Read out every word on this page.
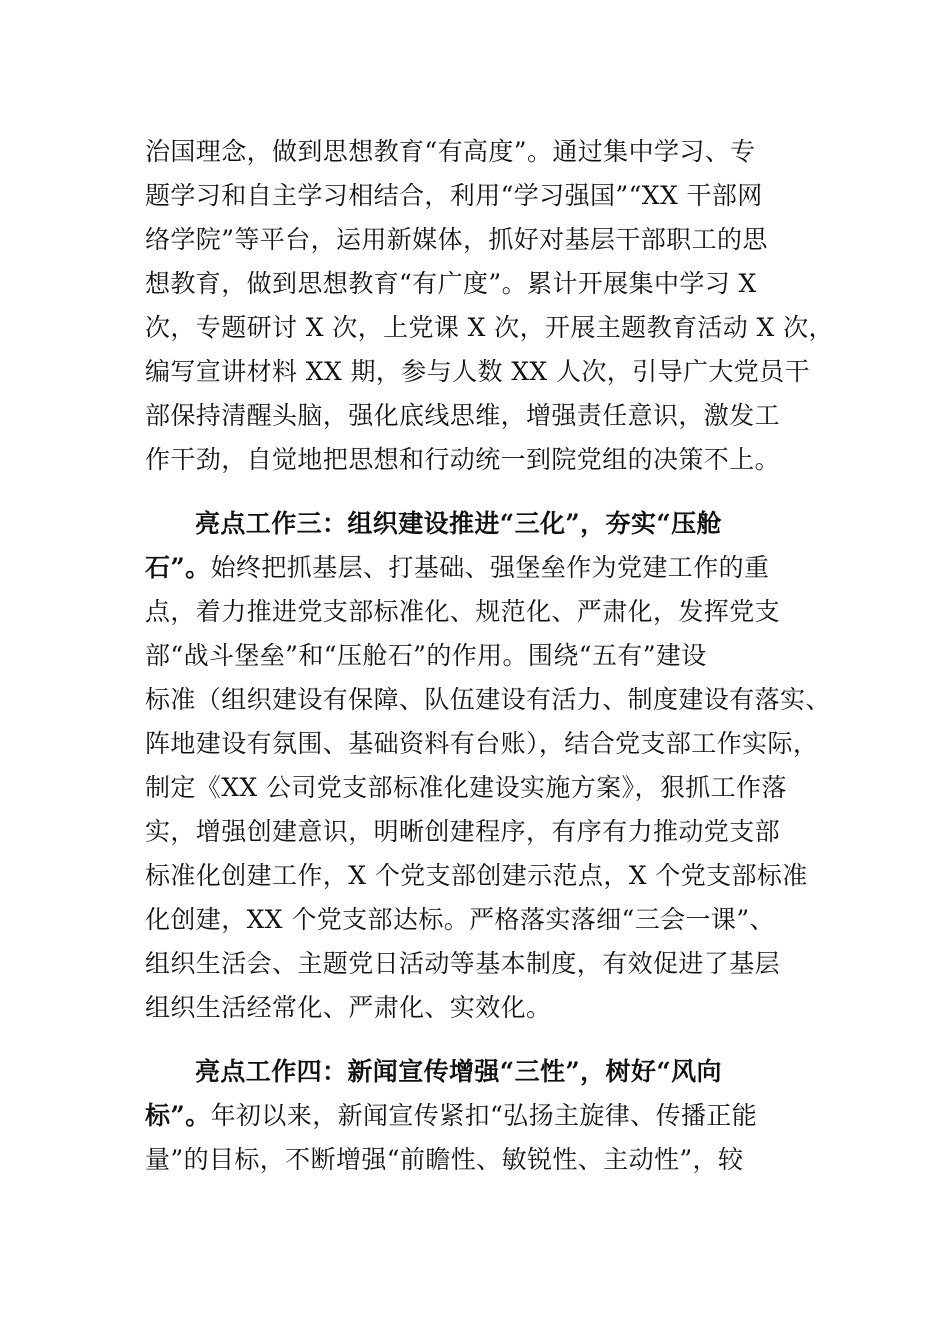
治国理念，做到思想教育“有高度”。通过集中学习、专
题学习和自主学习相结合，利用“学习强国”“XX 干部网
络学院”等平台，运用新媒体，抓好对基层干部职工的思
想教育，做到思想教育“有广度”。累计开展集中学习 X
次，专题研讨 X 次，上党课 X 次，开展主题教育活动 X 次，
编写宣讲材料 XX 期，参与人数 XX 人次，引导广大党员干
部保持清醒头脑，强化底线思维，增强责任意识，激发工
作干劲，自觉地把思想和行动统一到院党组的决策不上。
亮点工作三：组织建设推进“三化”，夯实“压舱
石”。始终把抓基层、打基础、强堡垒作为党建工作的重
点，着力推进党支部标准化、规范化、严肃化，发挥党支
部“战斗堡垒”和“压舱石”的作用。围绕“五有”建设
标准（组织建设有保障、队伍建设有活力、制度建设有落实、
阵地建设有氛围、基础资料有台账），结合党支部工作实际，
制定《XX 公司党支部标准化建设实施方案》，狠抓工作落
实，增强创建意识，明晰创建程序，有序有力推动党支部
标准化创建工作，X 个党支部创建示范点，X 个党支部标准
化创建，XX 个党支部达标。严格落实落细“三会一课”、
组织生活会、主题党日活动等基本制度，有效促进了基层
组织生活经常化、严肃化、实效化。
亮点工作四：新闻宣传增强“三性”，树好“风向
标”。年初以来，新闻宣传紧扣“弘扬主旋律、传播正能
量”的目标，不断增强“前瞻性、敏锐性、主动性”，较
